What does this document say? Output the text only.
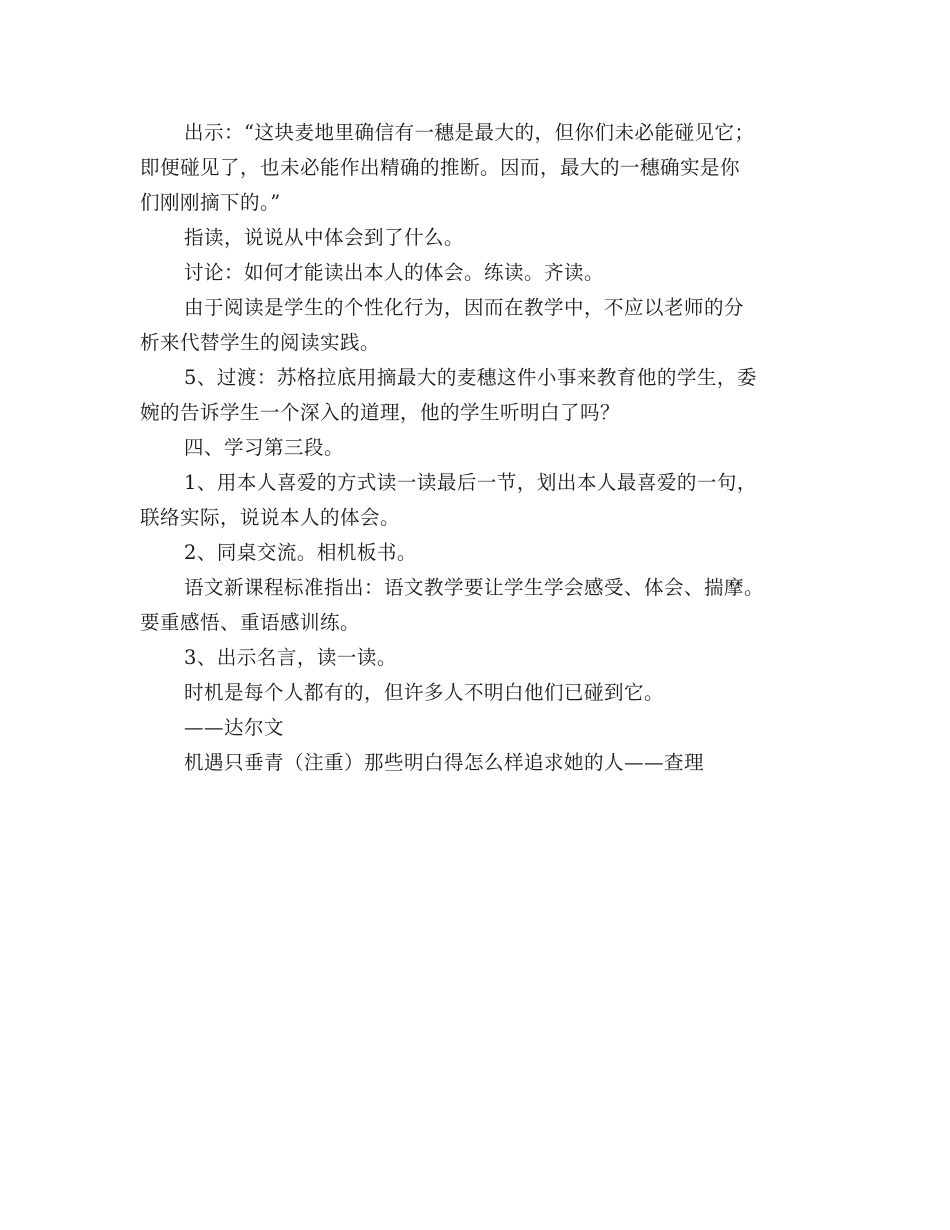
出示：“这块麦地里确信有一穗是最大的，但你们未必能碰见它；
即便碰见了，也未必能作出精确的推断。因而，最大的一穗确实是你
们刚刚摘下的。”

指读，说说从中体会到了什么。

讨论：如何才能读出本人的体会。练读。齐读。

由于阅读是学生的个性化行为，因而在教学中，不应以老师的分
析来代替学生的阅读实践。

5、过渡：苏格拉底用摘最大的麦穗这件小事来教育他的学生，委
婉的告诉学生一个深入的道理，他的学生听明白了吗？

四、学习第三段。

1、用本人喜爱的方式读一读最后一节，划出本人最喜爱的一句，
联络实际，说说本人的体会。

2、同桌交流。相机板书。

语文新课程标准指出：语文教学要让学生学会感受、体会、揣摩。
要重感悟、重语感训练。

3、出示名言，读一读。

时机是每个人都有的，但许多人不明白他们已碰到它。

——达尔文

机遇只垂青（注重）那些明白得怎么样追求她的人——查理
